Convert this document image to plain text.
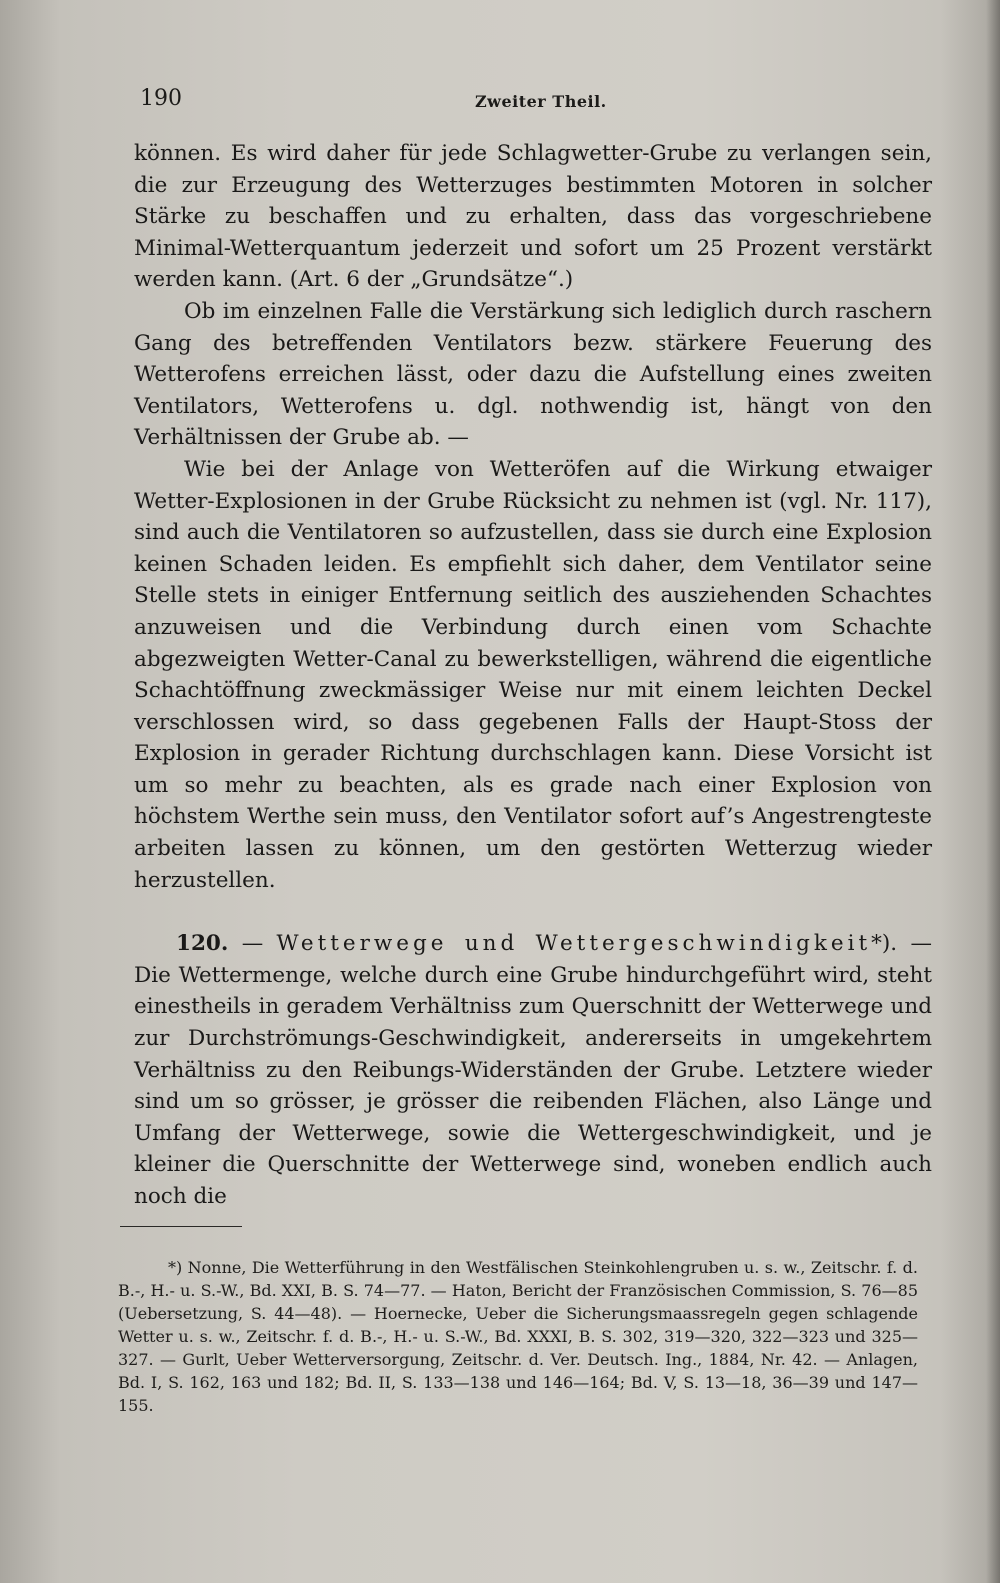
190	Zweiter Theil.

können. Es wird daher für jede Schlagwetter-Grube zu verlangen sein, die zur Erzeugung des Wetterzuges bestimmten Motoren in solcher Stärke zu beschaffen und zu erhalten, dass das vorgeschriebene Minimal-Wetterquantum jederzeit und sofort um 25 Prozent verstärkt werden kann. (Art. 6 der „Grundsätze“.)

Ob im einzelnen Falle die Verstärkung sich lediglich durch raschern Gang des betreffenden Ventilators bezw. stärkere Feuerung des Wetterofens erreichen lässt, oder dazu die Aufstellung eines zweiten Ventilators, Wetterofens u. dgl. nothwendig ist, hängt von den Verhältnissen der Grube ab. —

Wie bei der Anlage von Wetteröfen auf die Wirkung etwaiger Wetter-Explosionen in der Grube Rücksicht zu nehmen ist (vgl. Nr. 117), sind auch die Ventilatoren so aufzustellen, dass sie durch eine Explosion keinen Schaden leiden. Es empfiehlt sich daher, dem Ventilator seine Stelle stets in einiger Entfernung seitlich des ausziehenden Schachtes anzuweisen und die Verbindung durch einen vom Schachte abgezweigten Wetter-Canal zu bewerkstelligen, während die eigentliche Schachtöffnung zweckmässiger Weise nur mit einem leichten Deckel verschlossen wird, so dass gegebenen Falls der Haupt-Stoss der Explosion in gerader Richtung durchschlagen kann. Diese Vorsicht ist um so mehr zu beachten, als es grade nach einer Explosion von höchstem Werthe sein muss, den Ventilator sofort auf’s Angestrengteste arbeiten lassen zu können, um den gestörten Wetterzug wieder herzustellen.

120. — Wetterwege und Wettergeschwindigkeit*). — Die Wettermenge, welche durch eine Grube hindurchgeführt wird, steht einestheils in geradem Verhältniss zum Querschnitt der Wetterwege und zur Durchströmungs-Geschwindigkeit, andererseits in umgekehrtem Verhältniss zu den Reibungs-Widerständen der Grube. Letztere wieder sind um so grösser, je grösser die reibenden Flächen, also Länge und Umfang der Wetterwege, sowie die Wettergeschwindigkeit, und je kleiner die Querschnitte der Wetterwege sind, woneben endlich auch noch die

*) Nonne, Die Wetterführung in den Westfälischen Steinkohlengruben u. s. w., Zeitschr. f. d. B.-, H.- u. S.-W., Bd. XXI, B. S. 74—77. — Haton, Bericht der Französischen Commission, S. 76—85 (Uebersetzung, S. 44—48). — Hoernecke, Ueber die Sicherungsmaassregeln gegen schlagende Wetter u. s. w., Zeitschr. f. d. B.-, H.- u. S.-W., Bd. XXXI, B. S. 302, 319—320, 322—323 und 325—327. — Gurlt, Ueber Wetterversorgung, Zeitschr. d. Ver. Deutsch. Ing., 1884, Nr. 42. — Anlagen, Bd. I, S. 162, 163 und 182; Bd. II, S. 133—138 und 146—164; Bd. V, S. 13—18, 36—39 und 147—155.
